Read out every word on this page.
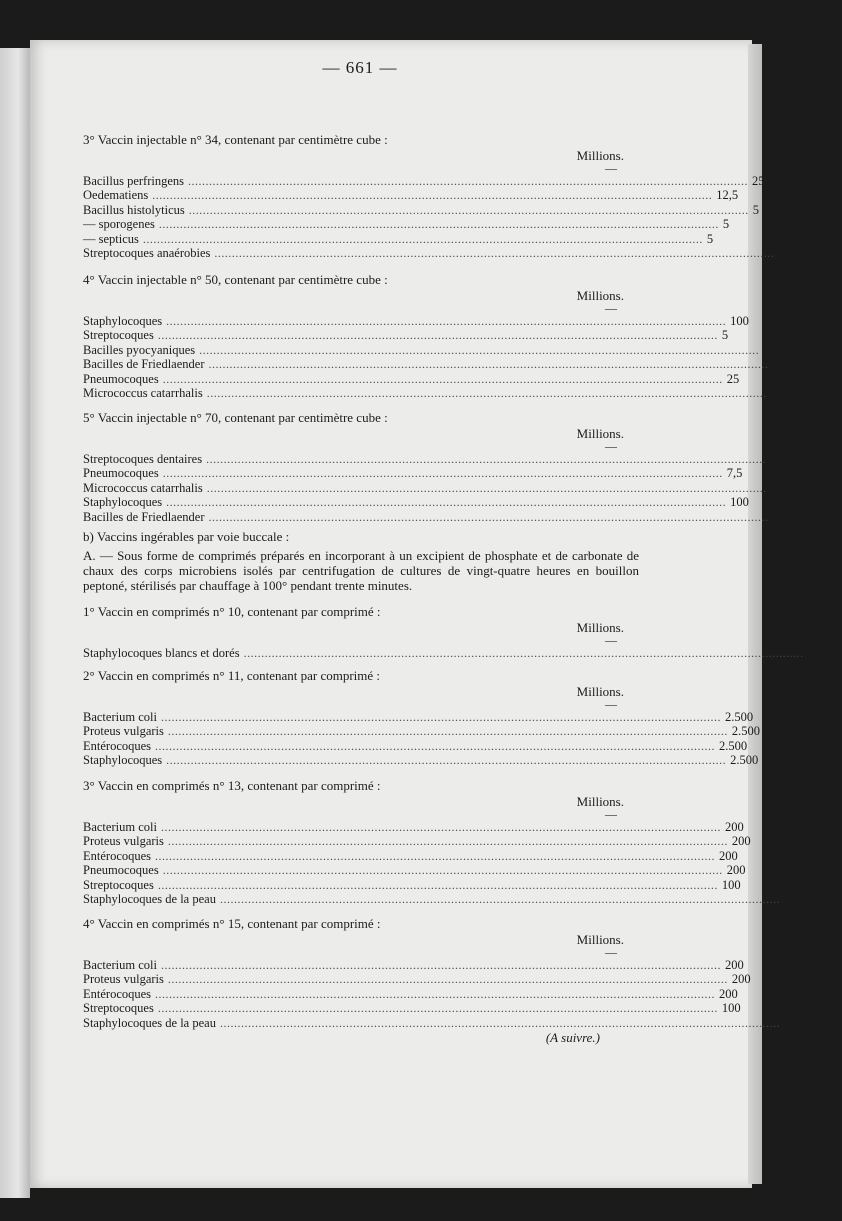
— 661 —
3° Vaccin injectable n° 34, contenant par centimètre cube :
Millions.
—
Bacillus perfringens ................................................................................................................................................................ 25
Oedematiens ................................................................................................................................................................ 12,5
Bacillus histolyticus ................................................................................................................................................................ 5
— sporogenes ................................................................................................................................................................ 5
— septicus ................................................................................................................................................................ 5
Streptocoques anaérobies ................................................................................................................................................................ 5
4° Vaccin injectable n° 50, contenant par centimètre cube :
Millions.
—
Staphylocoques ................................................................................................................................................................ 100
Streptocoques ................................................................................................................................................................ 5
Bacilles pyocyaniques ................................................................................................................................................................ 10
Bacilles de Friedlaender ................................................................................................................................................................ 25
Pneumocoques ................................................................................................................................................................ 25
Micrococcus catarrhalis ................................................................................................................................................................ 12,5
5° Vaccin injectable n° 70, contenant par centimètre cube :
Millions.
—
Streptocoques dentaires ................................................................................................................................................................ 10
Pneumocoques ................................................................................................................................................................ 7,5
Micrococcus catarrhalis ................................................................................................................................................................ 10
Staphylocoques ................................................................................................................................................................ 100
Bacilles de Friedlaender ................................................................................................................................................................ 10
b) Vaccins ingérables par voie buccale :
A. — Sous forme de comprimés préparés en incorporant à un excipient de phosphate et de carbonate de chaux des corps microbiens isolés par centrifugation de cultures de vingt-quatre heures en bouillon peptoné, stérilisés par chauffage à 100° pendant trente minutes.
1° Vaccin en comprimés n° 10, contenant par comprimé :
Millions.
—
Staphylocoques blancs et dorés ................................................................................................................................................................ 15.000
2° Vaccin en comprimés n° 11, contenant par comprimé :
Millions.
—
Bacterium coli ................................................................................................................................................................ 2.500
Proteus vulgaris ................................................................................................................................................................ 2.500
Entérocoques ................................................................................................................................................................ 2.500
Staphylocoques ................................................................................................................................................................ 2.500
3° Vaccin en comprimés n° 13, contenant par comprimé :
Millions.
—
Bacterium coli ................................................................................................................................................................ 200
Proteus vulgaris ................................................................................................................................................................ 200
Entérocoques ................................................................................................................................................................ 200
Pneumocoques ................................................................................................................................................................ 200
Streptocoques ................................................................................................................................................................ 100
Staphylocoques de la peau ................................................................................................................................................................ 1.000
4° Vaccin en comprimés n° 15, contenant par comprimé :
Millions.
—
Bacterium coli ................................................................................................................................................................ 200
Proteus vulgaris ................................................................................................................................................................ 200
Entérocoques ................................................................................................................................................................ 200
Streptocoques ................................................................................................................................................................ 100
Staphylocoques de la peau ................................................................................................................................................................ 1.000
(A suivre.)
